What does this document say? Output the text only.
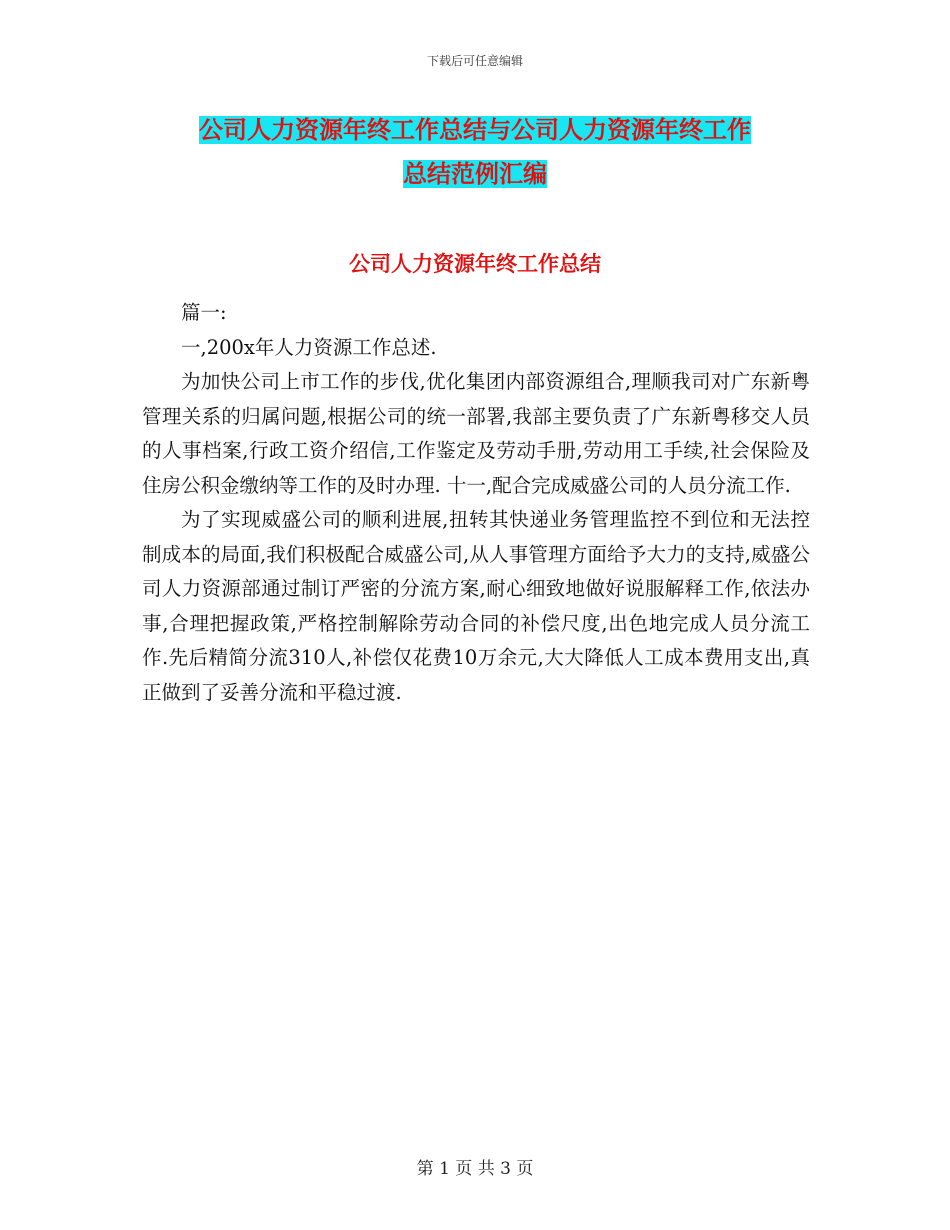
下载后可任意编辑
公司人力资源年终工作总结与公司人力资源年终工作
总结范例汇编
公司人力资源年终工作总结

篇一:

一,200x年人力资源工作总述.

为加快公司上市工作的步伐,优化集团内部资源组合,理顺我司对广东新粤管理关系的归属问题,根据公司的统一部署,我部主要负责了广东新粤移交人员的人事档案,行政工资介绍信,工作鉴定及劳动手册,劳动用工手续,社会保险及住房公积金缴纳等工作的及时办理. 十一,配合完成威盛公司的人员分流工作.

为了实现威盛公司的顺利进展,扭转其快递业务管理监控不到位和无法控制成本的局面,我们积极配合威盛公司,从人事管理方面给予大力的支持,威盛公司人力资源部通过制订严密的分流方案,耐心细致地做好说服解释工作,依法办事,合理把握政策,严格控制解除劳动合同的补偿尺度,出色地完成人员分流工作.先后精简分流310人,补偿仅花费10万余元,大大降低人工成本费用支出,真正做到了妥善分流和平稳过渡.

第 1 页 共 3 页
